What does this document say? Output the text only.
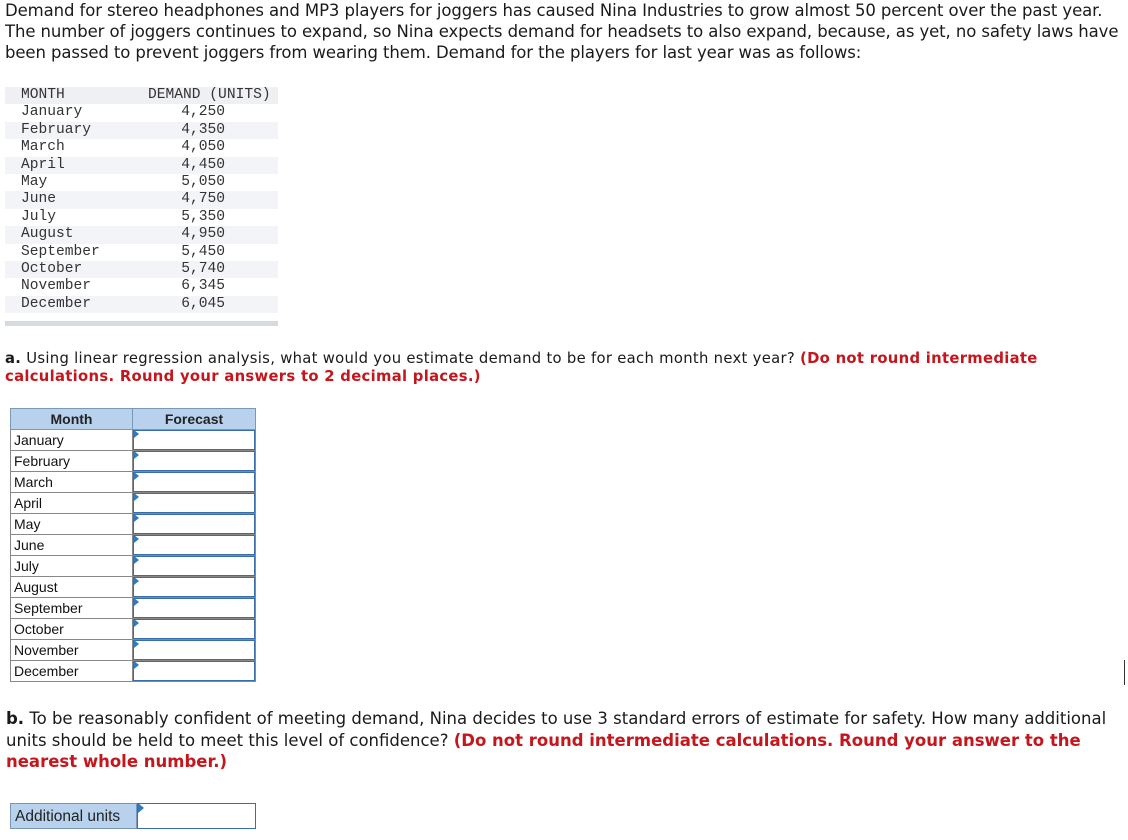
Demand for stereo headphones and MP3 players for joggers has caused Nina Industries to grow almost 50 percent over the past year. The number of joggers continues to expand, so Nina expects demand for headsets to also expand, because, as yet, no safety laws have been passed to prevent joggers from wearing them. Demand for the players for last year was as follows:

MONTH	DEMAND (UNITS)
January	4,250
February	4,350
March	4,050
April	4,450
May	5,050
June	4,750
July	5,350
August	4,950
September	5,450
October	5,740
November	6,345
December	6,045

a. Using linear regression analysis, what would you estimate demand to be for each month next year? (Do not round intermediate calculations. Round your answers to 2 decimal places.)

Month	Forecast
January	

February	

March	

April	

May	

June	

July	

August	

September	

October	

November	

December	

b. To be reasonably confident of meeting demand, Nina decides to use 3 standard errors of estimate for safety. How many additional units should be held to meet this level of confidence? (Do not round intermediate calculations. Round your answer to the nearest whole number.)

Additional units
